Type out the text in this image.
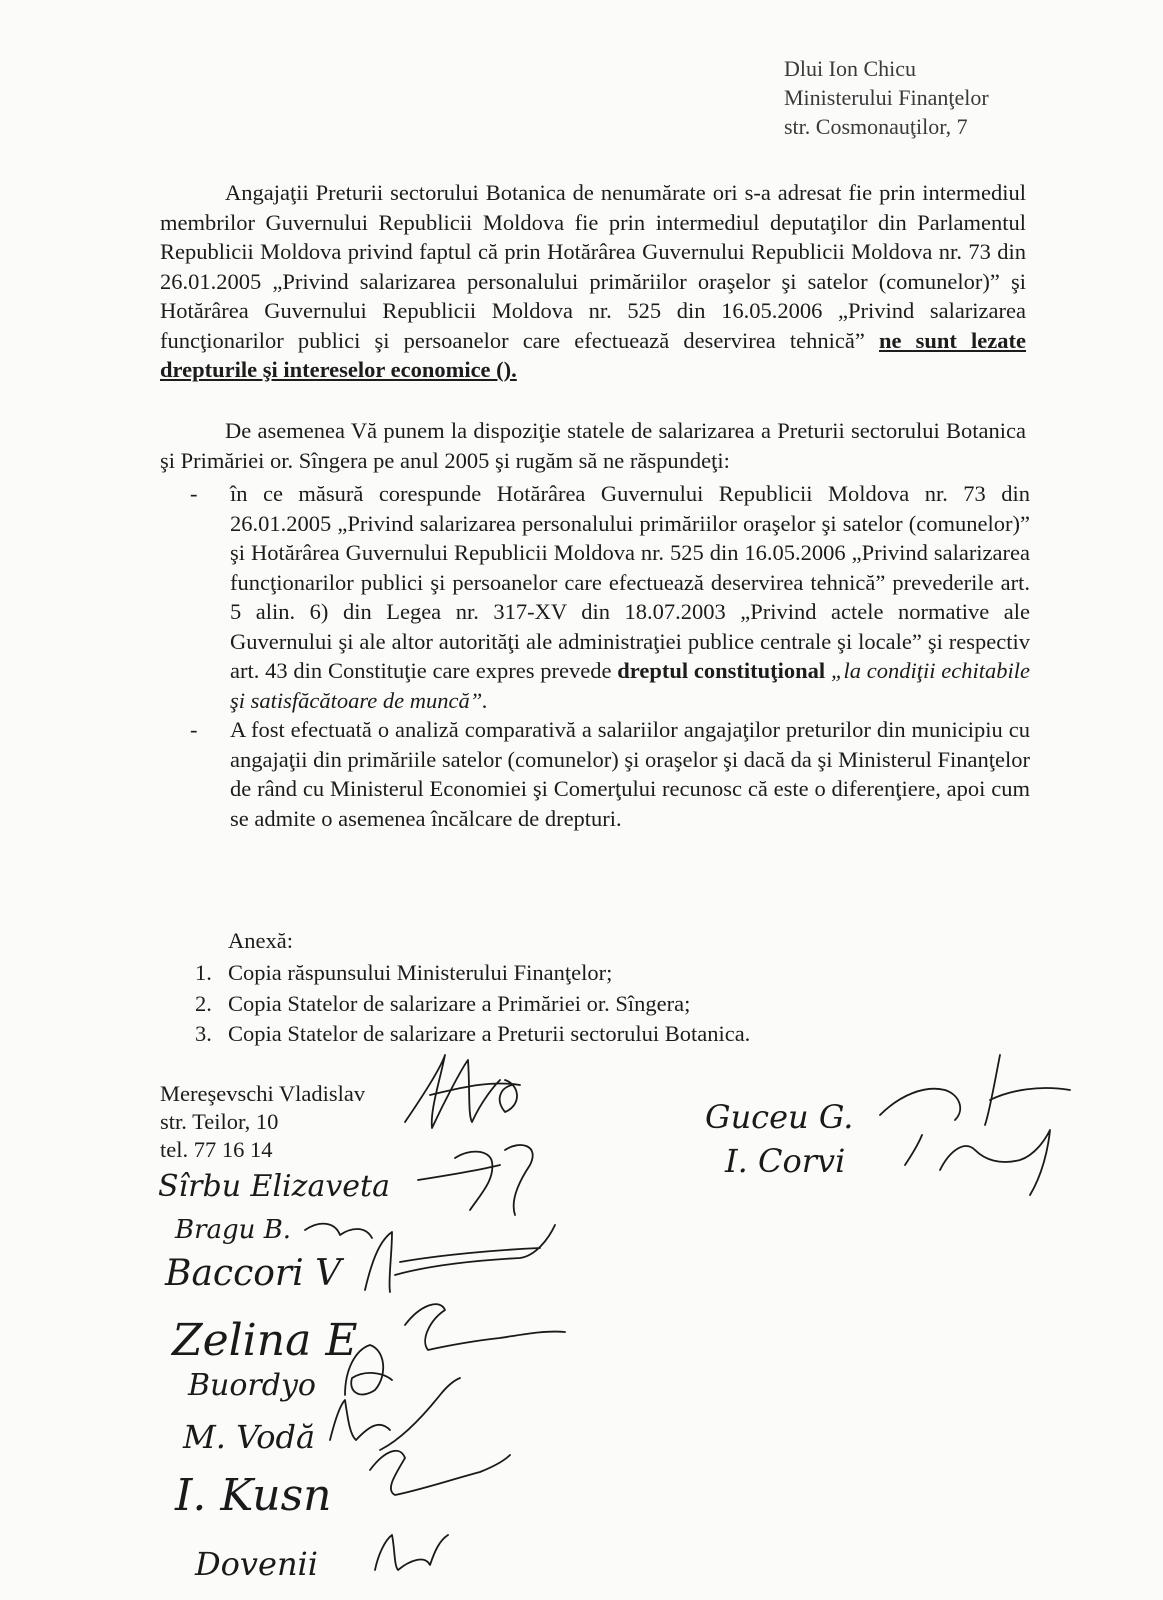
Dlui Ion Chicu
Ministerului Finanţelor
str. Cosmonauţilor, 7
Angajaţii Preturii sectorului Botanica de nenumărate ori s-a adresat fie prin intermediul membrilor Guvernului Republicii Moldova fie prin intermediul deputaţilor din Parlamentul Republicii Moldova privind faptul că prin Hotărârea Guvernului Republicii Moldova nr. 73 din 26.01.2005 „Privind salarizarea personalului primăriilor oraşelor şi satelor (comunelor)” şi Hotărârea Guvernului Republicii Moldova nr. 525 din 16.05.2006 „Privind salarizarea funcţionarilor publici şi persoanelor care efectuează deservirea tehnică” ne sunt lezate drepturile şi intereselor economice ().
De asemenea Vă punem la dispoziţie statele de salarizarea a Preturii sectorului Botanica şi Primăriei or. Sîngera pe anul 2005 şi rugăm să ne răspundeţi:
- în ce măsură corespunde Hotărârea Guvernului Republicii Moldova nr. 73 din 26.01.2005 „Privind salarizarea personalului primăriilor oraşelor şi satelor (comunelor)” şi Hotărârea Guvernului Republicii Moldova nr. 525 din 16.05.2006 „Privind salarizarea funcţionarilor publici şi persoanelor care efectuează deservirea tehnică” prevederile art. 5 alin. 6) din Legea nr. 317-XV din 18.07.2003 „Privind actele normative ale Guvernului şi ale altor autorităţi ale administraţiei publice centrale şi locale” şi respectiv art. 43 din Constituţie care expres prevede dreptul constituţional „la condiţii echitabile şi satisfăcătoare de muncă”.
- A fost efectuată o analiză comparativă a salariilor angajaţilor preturilor din municipiu cu angajaţii din primăriile satelor (comunelor) şi oraşelor şi dacă da şi Ministerul Finanţelor de rând cu Ministerul Economiei şi Comerţului recunosc că este o diferenţiere, apoi cum se admite o asemenea încălcare de drepturi.
Anexă:
1. Copia răspunsului Ministerului Finanţelor;
2. Copia Statelor de salarizare a Primăriei or. Sîngera;
3. Copia Statelor de salarizare a Preturii sectorului Botanica.
Mereşevschi Vladislav
str. Teilor, 10
tel. 77 16 14
Sîrbu Elizaveta
Bragu B.
Baccori V
Zelina E
Buordyo
M. Vodă
I. Kusn
Dovenii
Guceu G.
I. Corvi
